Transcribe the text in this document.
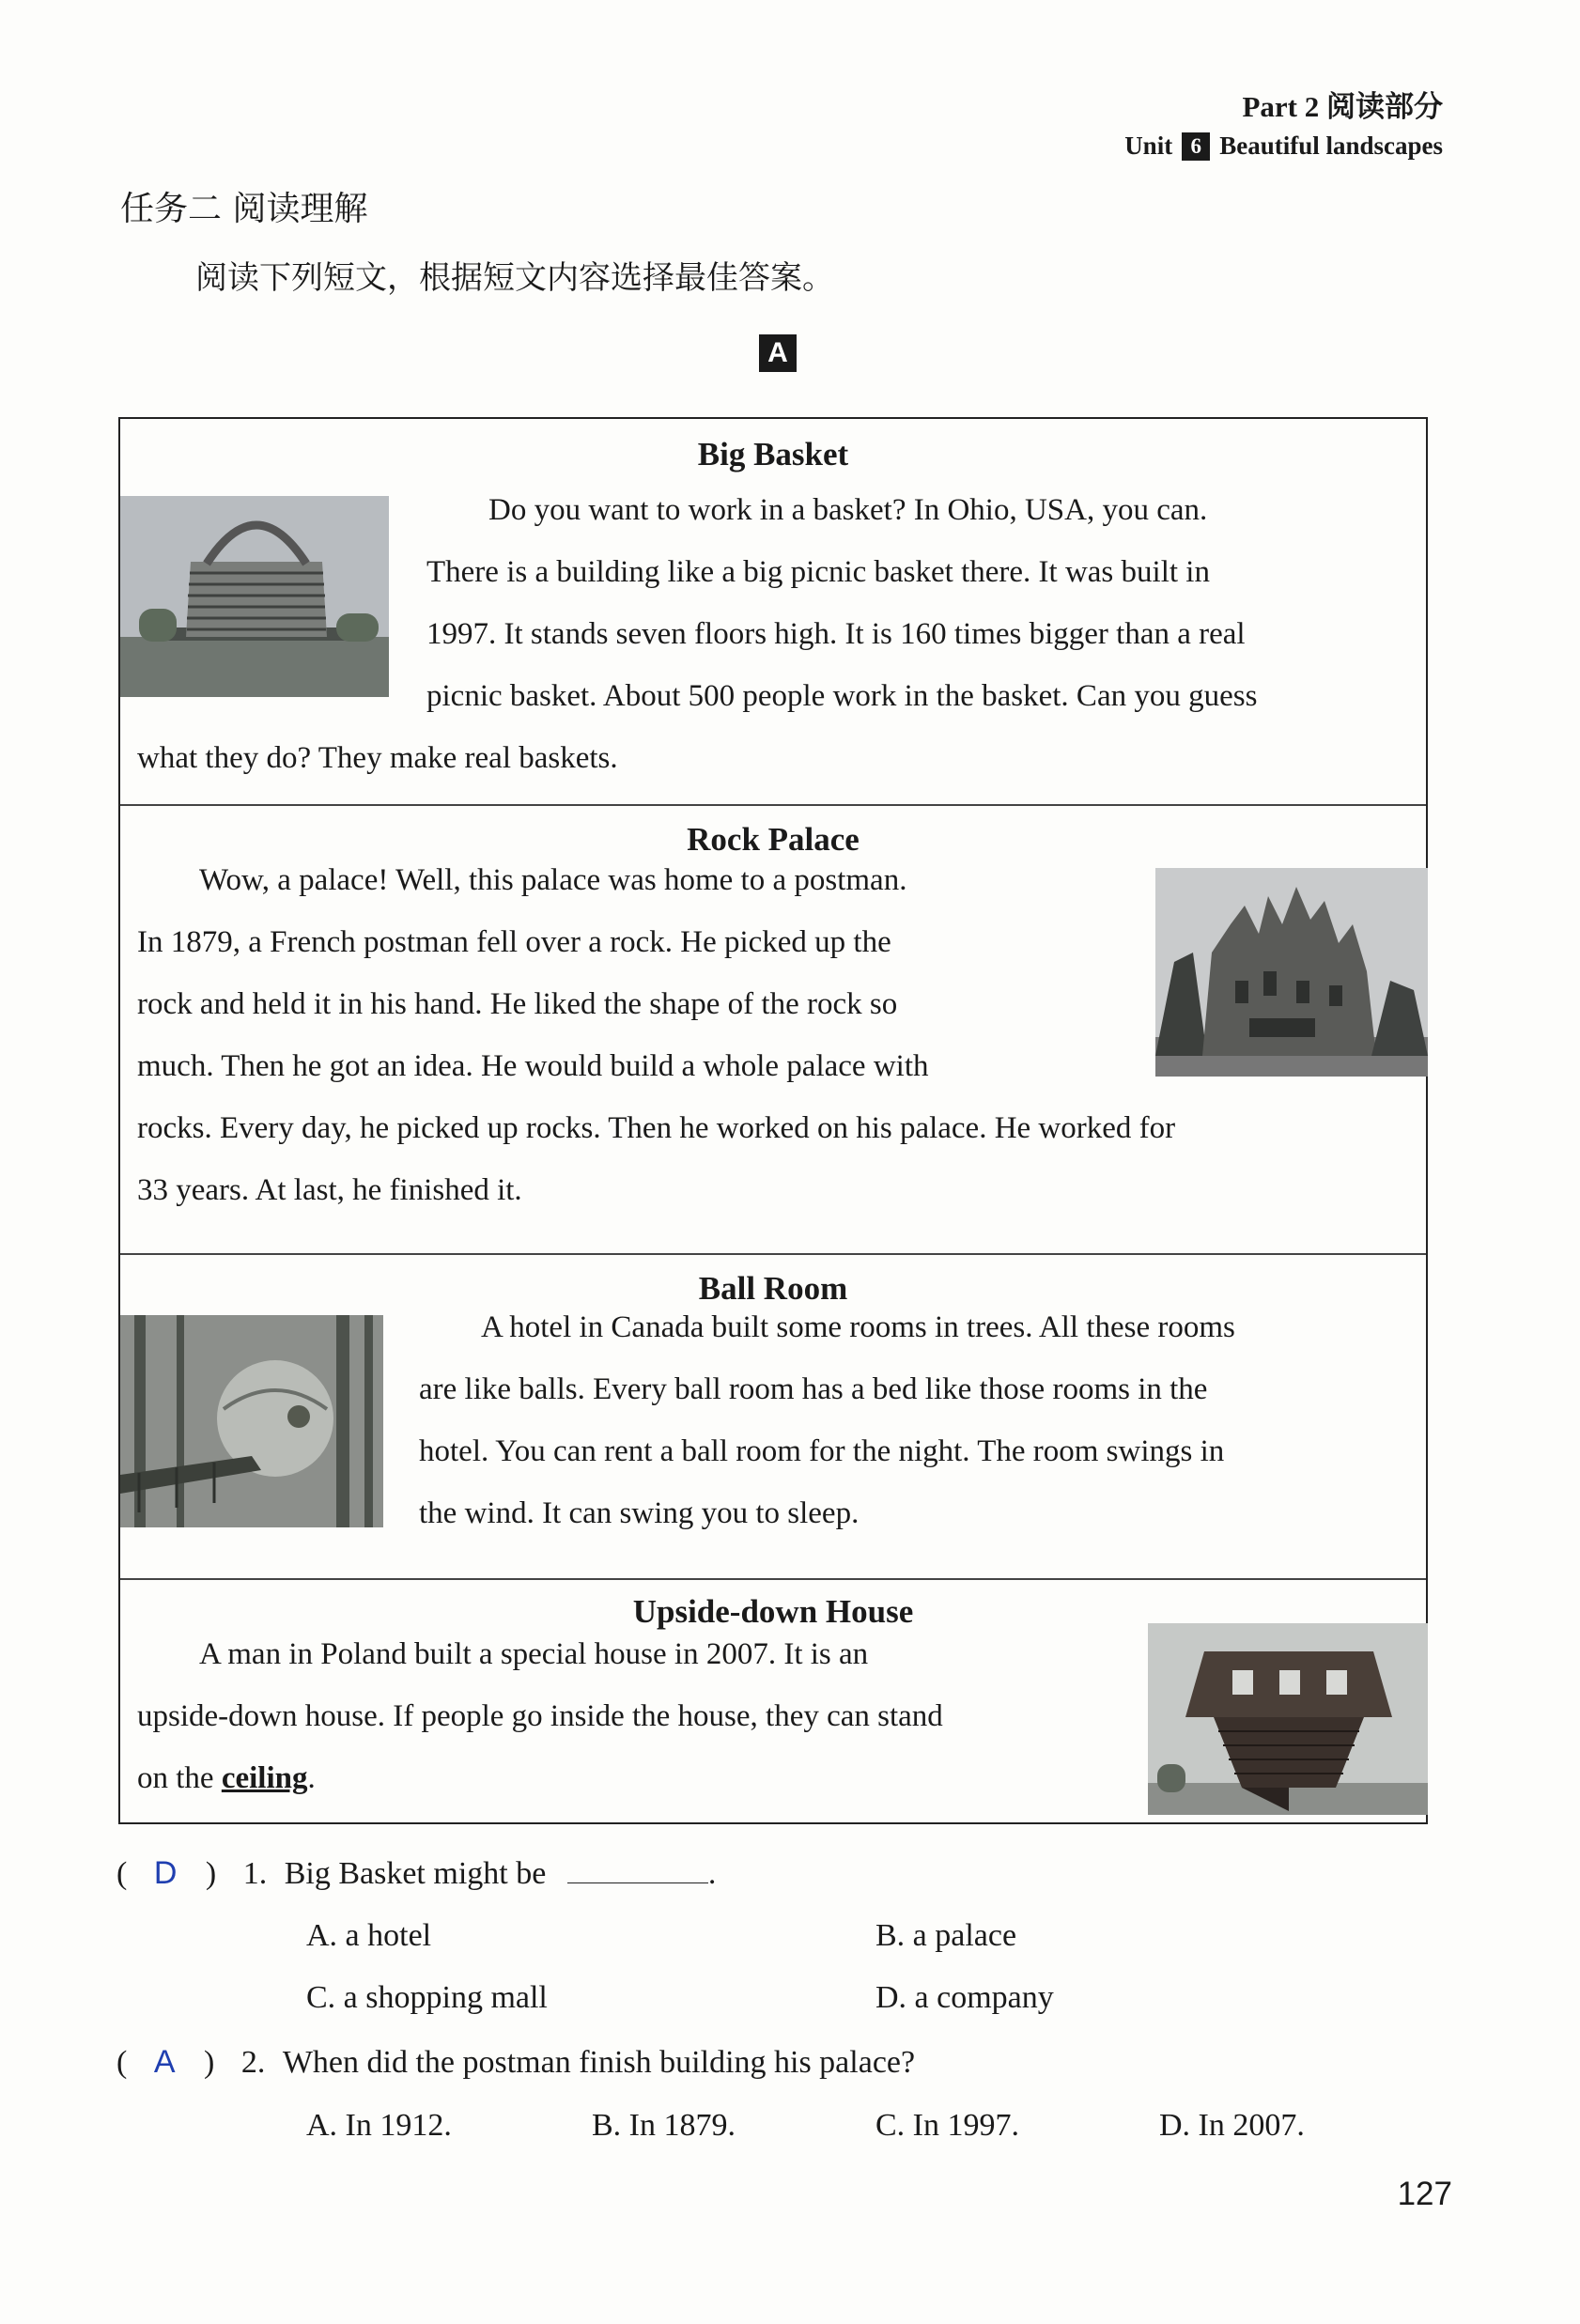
Part 2 阅读部分
Unit 6 Beautiful landscapes
任务二 阅读理解
阅读下列短文，根据短文内容选择最佳答案。
A
Big Basket

Do you want to work in a basket? In Ohio, USA, you can.

There is a building like a big picnic basket there. It was built in

1997. It stands seven floors high. It is 160 times bigger than a real

picnic basket. About 500 people work in the basket. Can you guess

what they do? They make real baskets.

Rock Palace

Wow, a palace! Well, this palace was home to a postman.

In 1879, a French postman fell over a rock. He picked up the

rock and held it in his hand. He liked the shape of the rock so

much. Then he got an idea. He would build a whole palace with

rocks. Every day, he picked up rocks. Then he worked on his palace. He worked for

33 years. At last, he finished it.

Ball Room

A hotel in Canada built some rooms in trees. All these rooms

are like balls. Every ball room has a bed like those rooms in the

hotel. You can rent a ball room for the night. The room swings in

the wind. It can swing you to sleep.

Upside-down House

A man in Poland built a special house in 2007. It is an

upside-down house. If people go inside the house, they can stand

on the ceiling.

( D ) 1. Big Basket might be	.
A. a hotel	B. a palace
C. a shopping mall	D. a company
( A ) 2. When did the postman finish building his palace?
A. In 1912.	B. In 1879.	C. In 1997.	D. In 2007.
127
